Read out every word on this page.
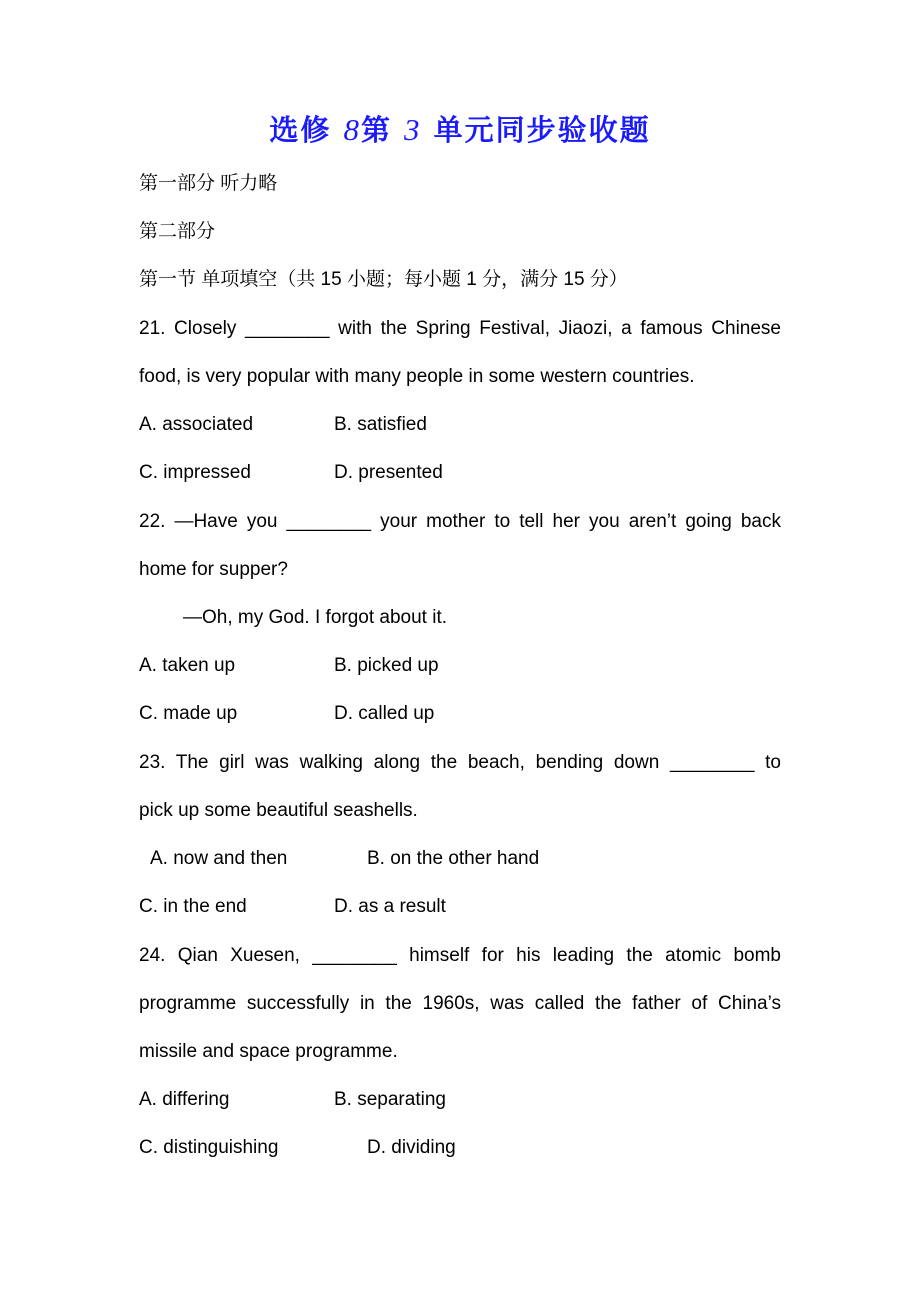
选修 8第 3 单元同步验收题
第一部分 听力略
第二部分
第一节 单项填空（共 15 小题；每小题 1 分，满分 15 分）
21. Closely ________ with the Spring Festival, Jiaozi, a famous Chinese
food, is very popular with many people in some western countries.
A. associated	B. satisfied
C. impressed	D. presented
22. —Have you ________ your mother to tell her you aren’t going back
home for supper?
—Oh, my God. I forgot about it.
A. taken up	B. picked up
C. made up	D. called up
23. The girl was walking along the beach, bending down ________ to
pick up some beautiful seashells.
A. now and then	B. on the other hand
C. in the end	D. as a result
24. Qian Xuesen, ________ himself for his leading the atomic bomb
programme successfully in the 1960s, was called the father of China’s
missile and space programme.
A. differing	B. separating
C. distinguishing	D. dividing
